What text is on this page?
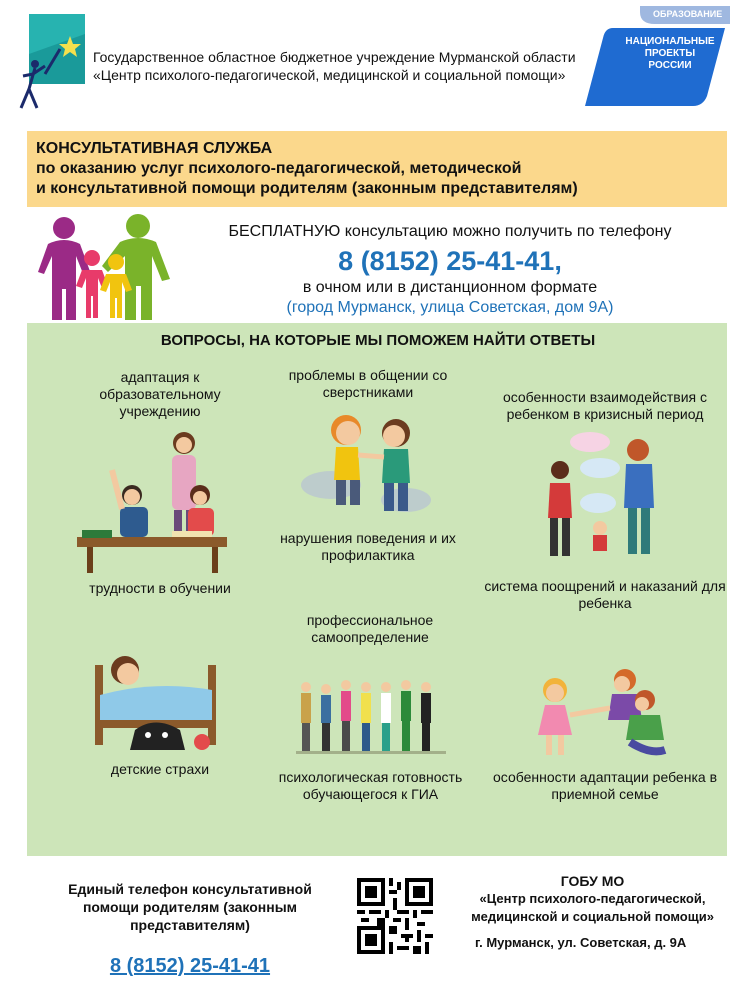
Государственное областное бюджетное учреждение Мурманской области
«Центр психолого-педагогической, медицинской и социальной помощи»
ОБРАЗОВАНИЕ
НАЦИОНАЛЬНЫЕ
ПРОЕКТЫ
РОССИИ
КОНСУЛЬТАТИВНАЯ СЛУЖБА
по оказанию услуг психолого-педагогической, методической
и консультативной помощи родителям (законным представителям)
БЕСПЛАТНУЮ консультацию можно получить по телефону
8 (8152) 25-41-41,
в очном или в дистанционном формате
(город Мурманск, улица Советская, дом 9А)
ВОПРОСЫ, НА КОТОРЫЕ МЫ ПОМОЖЕМ НАЙТИ ОТВЕТЫ
адаптация к образовательному учреждению
трудности в обучении
проблемы в общении со сверстниками
нарушения поведения и их профилактика
особенности взаимодействия с ребенком в кризисный период
система поощрений и наказаний для ребенка
детские страхи
профессиональное самоопределение
психологическая готовность обучающегося к ГИА
особенности адаптации ребенка в приемной семье
Единый телефон консультативной помощи родителям (законным представителям)
8 (8152) 25-41-41
ГОБУ МО
«Центр психолого-педагогической, медицинской и социальной помощи»
г. Мурманск, ул. Советская, д. 9А
